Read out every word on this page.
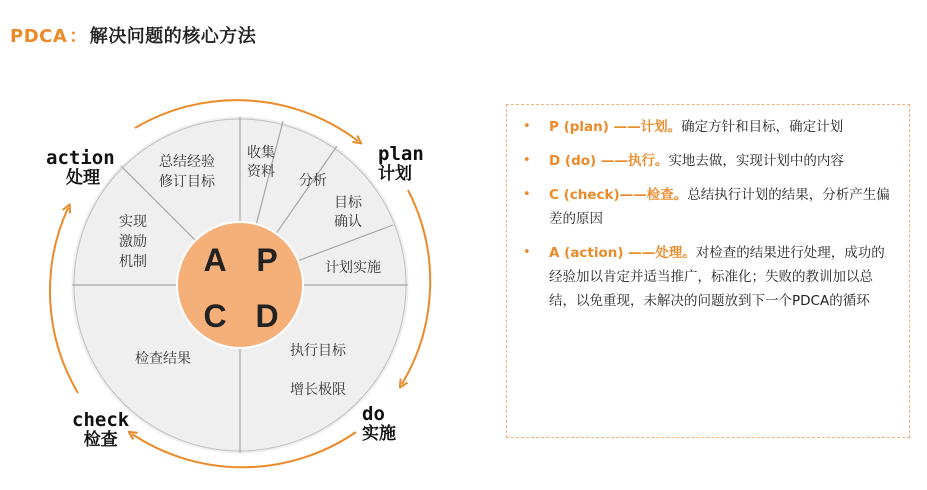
PDCA ： 解决问题的核心方法
A P
C D
总结经验
修订目标
收集
资料
分析
目标
确认
实现
激励
机制	计划实施
检查结果	执行目标
增长极限
action
处理
plan
计划
check
检查
do
实施
• P (plan) ——计划。确定方针和目标，确定计划
• D (do) ——执行。实地去做，实现计划中的内容
• C (check)——检查。总结执行计划的结果，分析产生偏差的原因
• A (action) ——处理。对检查的结果进行处理，成功的经验加以肯定并适当推广，标准化；失败的教训加以总结，以免重现，未解决的问题放到下一个PDCA的循环
